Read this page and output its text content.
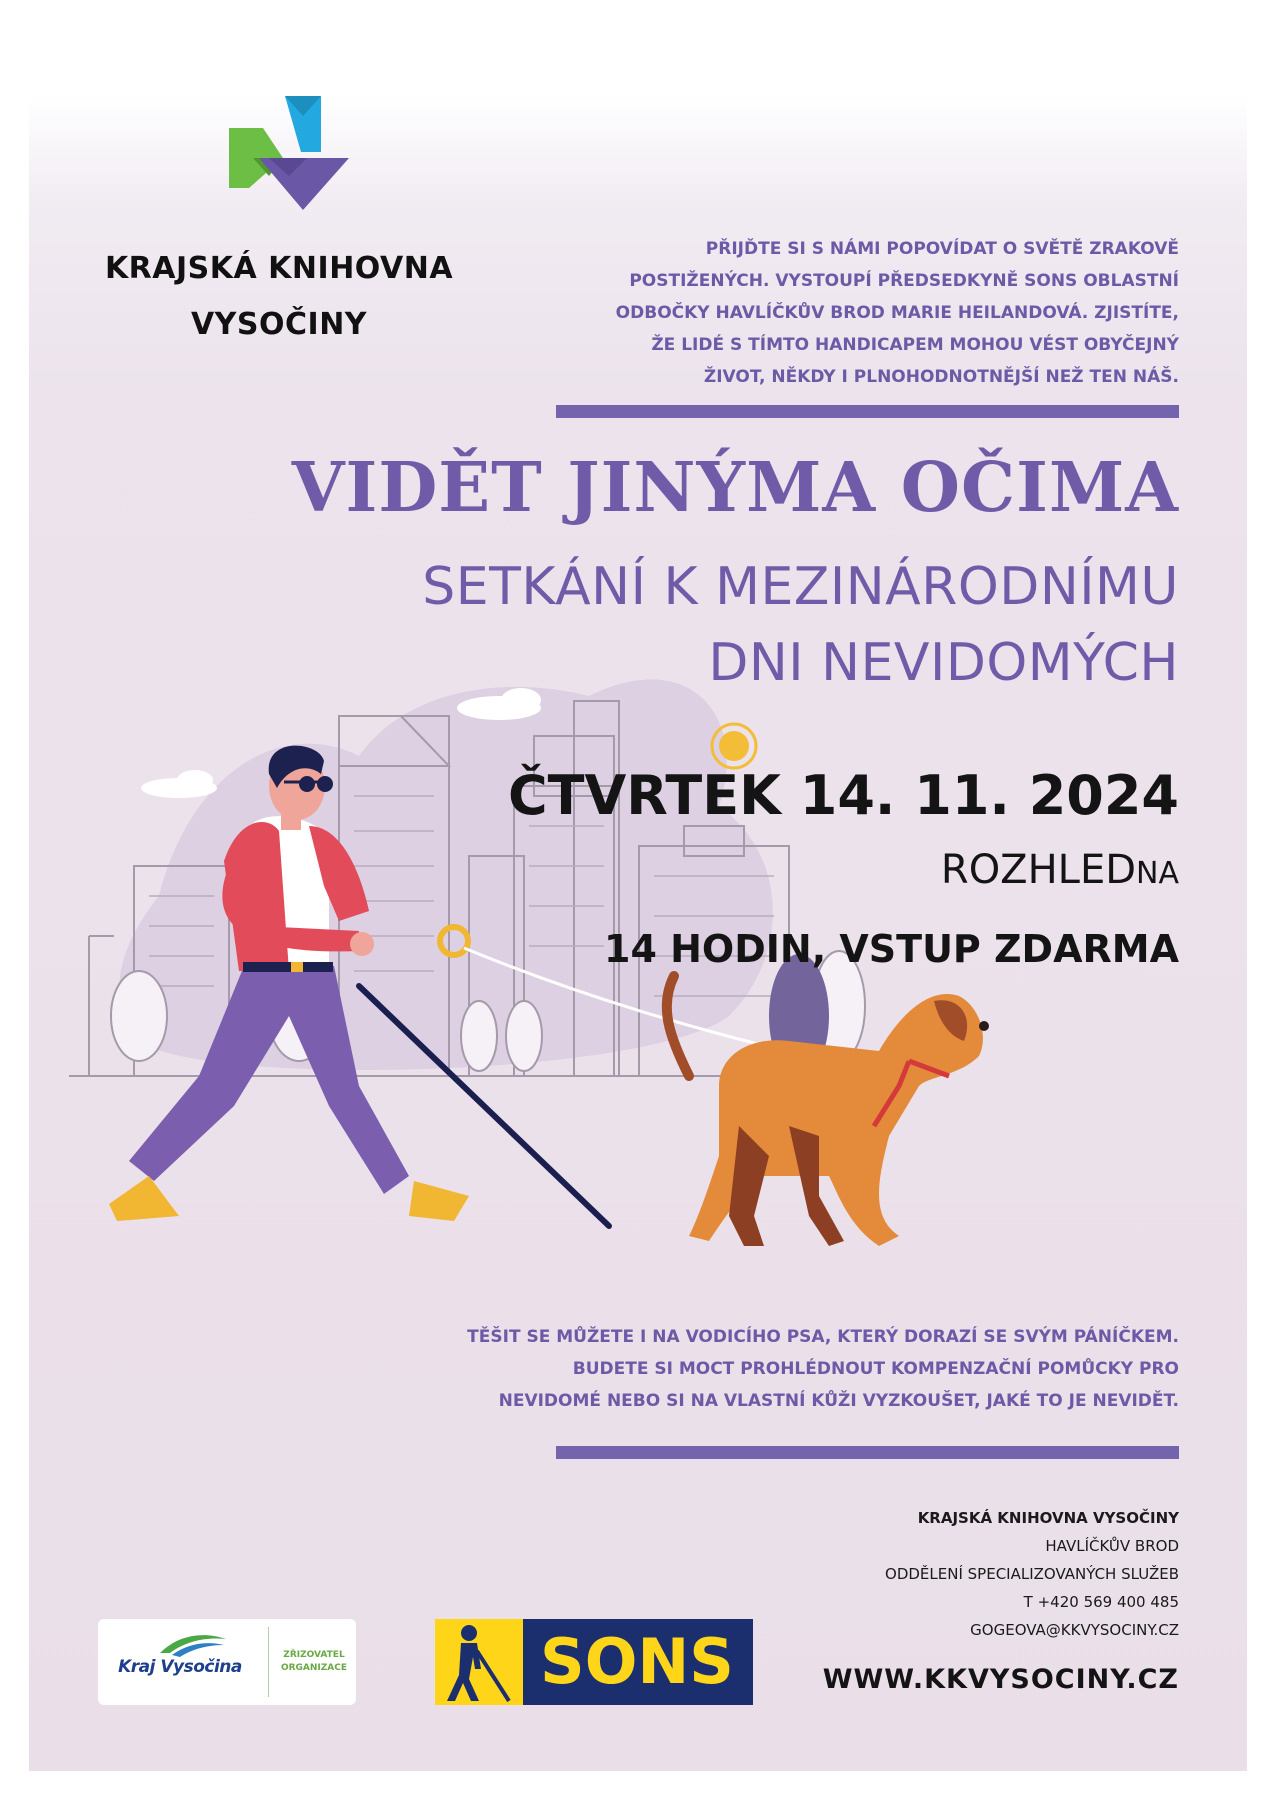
KRAJSKÁ KNIHOVNA
VYSOČINY
PŘIJĎTE SI S NÁMI POPOVÍDAT O SVĚTĚ ZRAKOVĚ
POSTIŽENÝCH. VYSTOUPÍ PŘEDSEDKYNĚ SONS OBLASTNÍ
ODBOČKY HAVLÍČKŮV BROD MARIE HEILANDOVÁ. ZJISTÍTE,
ŽE LIDÉ S TÍMTO HANDICAPEM MOHOU VÉST OBYČEJNÝ
ŽIVOT, NĚKDY I PLNOHODNOTNĚJŠÍ NEŽ TEN NÁŠ.
VIDĚT JINÝMA OČIMA
SETKÁNÍ K MEZINÁRODNÍMU
DNI NEVIDOMÝCH
ČTVRTEK 14. 11. 2024
ROZHLEDNA
14 HODIN, VSTUP ZDARMA
TĚŠIT SE MŮŽETE I NA VODICÍHO PSA, KTERÝ DORAZÍ SE SVÝM PÁNÍČKEM.
BUDETE SI MOCT PROHLÉDNOUT KOMPENZAČNÍ POMŮCKY PRO
NEVIDOMÉ NEBO SI NA VLASTNÍ KŮŽI VYZKOUŠET, JAKÉ TO JE NEVIDĚT.
KRAJSKÁ KNIHOVNA VYSOČINY
HAVLÍČKŮV BROD
ODDĚLENÍ SPECIALIZOVANÝCH SLUŽEB
T +420 569 400 485
GOGEOVA@KKVYSOCINY.CZ
WWW.KKVYSOCINY.CZ
Kraj Vysočina
ZŘIZOVATEL
ORGANIZACE	SONS
